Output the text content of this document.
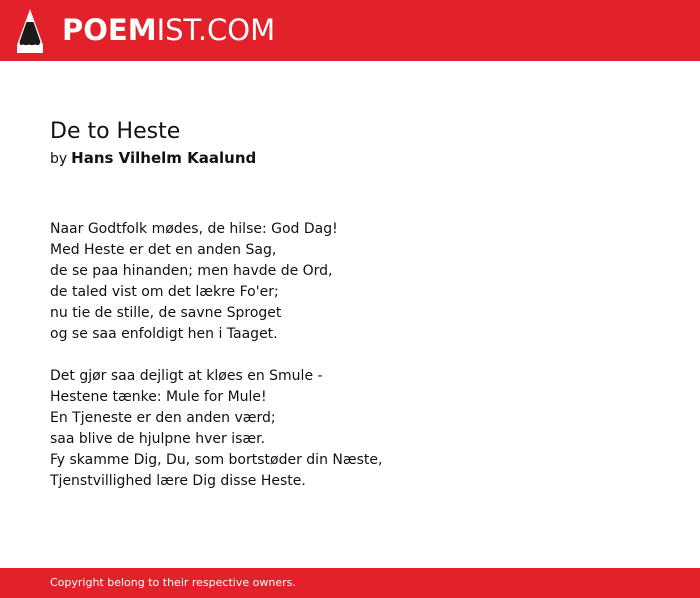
POEMIST.COM
De to Heste
by Hans Vilhelm Kaalund
Naar Godtfolk mødes, de hilse: God Dag!
Med Heste er det en anden Sag,
de se paa hinanden; men havde de Ord,
de taled vist om det lækre Fo'er;
nu tie de stille, de savne Sproget
og se saa enfoldigt hen i Taaget.
Det gjør saa dejligt at kløes en Smule -
Hestene tænke: Mule for Mule!
En Tjeneste er den anden værd;
saa blive de hjulpne hver især.
Fy skamme Dig, Du, som bortstøder din Næste,
Tjenstvillighed lære Dig disse Heste.
Copyright belong to their respective owners.
